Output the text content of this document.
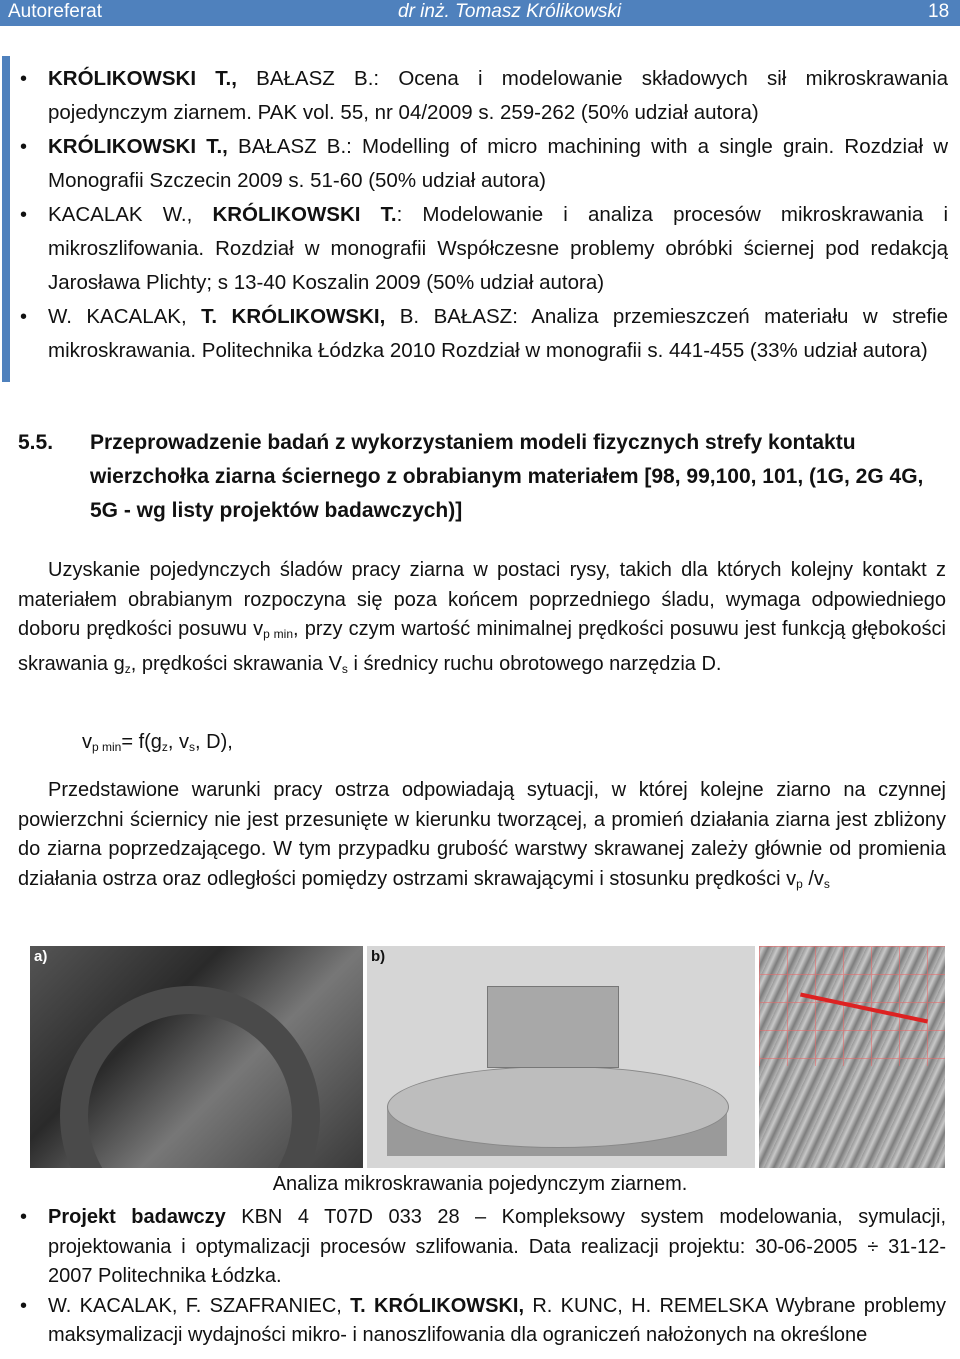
Autoreferat	dr inż. Tomasz Królikowski	18
• KRÓLIKOWSKI T., BAŁASZ B.: Ocena i modelowanie składowych sił mikroskrawania pojedynczym ziarnem. PAK vol. 55, nr 04/2009 s. 259-262 (50% udział autora)
• KRÓLIKOWSKI T., BAŁASZ B.: Modelling of micro machining with a single grain. Rozdział w Monografii Szczecin 2009 s. 51-60 (50% udział autora)
• KACALAK W., KRÓLIKOWSKI T.: Modelowanie i analiza procesów mikroskrawania i mikroszlifowania. Rozdział w monografii Współczesne problemy obróbki ściernej pod redakcją Jarosława Plichty; s 13-40 Koszalin 2009 (50% udział autora)
• W. KACALAK, T. KRÓLIKOWSKI, B. BAŁASZ: Analiza przemieszczeń materiału w strefie mikroskrawania. Politechnika Łódzka 2010 Rozdział w monografii s. 441-455 (33% udział autora)
5.5. Przeprowadzenie badań z wykorzystaniem modeli fizycznych strefy kontaktu wierzchołka ziarna ściernego z obrabianym materiałem [98, 99,100, 101, (1G, 2G 4G, 5G - wg listy projektów badawczych)]

Uzyskanie pojedynczych śladów pracy ziarna w postaci rysy, takich dla których kolejny kontakt z materiałem obrabianym rozpoczyna się poza końcem poprzedniego śladu, wymaga odpowiedniego doboru prędkości posuwu $v_{p min}$, przy czym wartość minimalnej prędkości posuwu jest funkcją głębokości skrawania $g_z$, prędkości skrawania $V_s$ i średnicy ruchu obrotowego narzędzia D.

$v_{p min}= f(g_z$, $v_s$, D),

Przedstawione warunki pracy ostrza odpowiadają sytuacji, w której kolejne ziarno na czynnej powierzchni ściernicy nie jest przesunięte w kierunku tworzącej, a promień działania ziarna jest zbliżony do ziarna poprzedzającego. W tym przypadku grubość warstwy skrawanej zależy głównie od promienia działania ostrza oraz odległości pomiędzy ostrzami skrawającymi i stosunku prędkości $v_p$ $/v_s$

a)	b)
Analiza mikroskrawania pojedynczym ziarnem.
• Projekt badawczy KBN 4 T07D 033 28 – Kompleksowy system modelowania, symulacji, projektowania i optymalizacji procesów szlifowania. Data realizacji projektu: 30-06-2005 ÷ 31-12-2007 Politechnika Łódzka.
• W. KACALAK, F. SZAFRANIEC, T. KRÓLIKOWSKI, R. KUNC, H. REMELSKA Wybrane problemy maksymalizacji wydajności mikro- i nanoszlifowania dla ograniczeń nałożonych na określone
